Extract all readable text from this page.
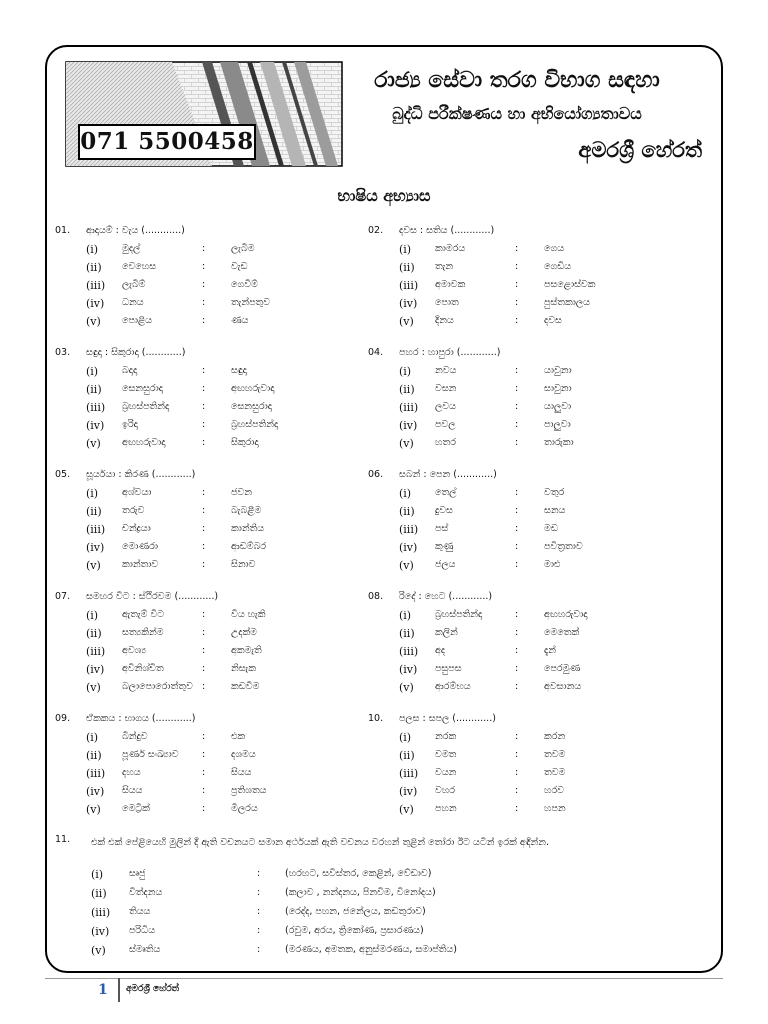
071 5500458
රාජ්‍ය සේවා තරග විභාග සඳහා
බුද්ධි පරීක්ෂණය හා අභියෝග්‍යතාවය
අමරශ්‍රී හේරත්
භාෂිය අභ්‍යාස
01. ආදායම් : වැය (............)
(i)	මුදල්	:	ලැබීම
(ii) වෙහෙස	:	වැඩ
(iii) ලැබීම්	:	ගෙවීම්
(iv) ධනය	:	තැන්පතුව
(v) පොළිය	:	ණය
02. දවස : සතිය (............)
(i)	කාමරය	:	ගෙය
(ii) තැන	:	ගෙඩිය
(iii) අමාවක	:	පසළොස්වක
(iv) පොත	:	පුස්තකාලය
(v) දිනය	:	දවස
03. සඳුදා : සිකුරාදා (............)
(i)	බදාදා	:	සඳුදා
(ii) සෙනසුරාදා	:	අඟහරුවාදා
(iii) බ්‍රහස්පතින්දා	:	සෙනසුරාදා
(iv) ඉරිදා	:	බ්‍රහස්පතින්දා
(v) අඟහරුවාදා	:	සිකුරාදා
04. පහර : හාපුරා (............)
(i)	නවය	:	යාවුනා
(ii) වසන	:	සාවුනා
(iii) ලවය	:	යාලුවා
(iv) පවල	:	පාලුවා
(v) හතර	:	තාරුකා
05. සූර්යයා : කිරණ (............)
(i)	අශ්වයා	:	ජවන
(ii) තරුව	:	බැබළීම
(iii) චන්ද්‍රයා	:	කාන්තිය
(iv) මොණරා	:	ආඩම්බර
(v) කාන්තාව	:	සිනාව
06. සබන් : පෙන (............)
(i)	තෙල්	:	වතුර
(ii) දුවස	:	සනය
(iii) පස්	:	මඩ
(iv) කුණු	:	පවිත්‍රතාව
(v) ජලය	:	මාළු
07. සමහර විට : ස්ථිරවම (............)
(i)	ඇතැම් විට	:	විය හැකි
(ii) සත්‍යකින්ම	:	උදක්ම
(iii) අවශ්‍ය	:	අකමැති
(iv) අවිනිශ්චිත	:	නිසැක
(v) බලාපොරොත්තුව :	කඩවීම
08. රිදේ : හෙට (............)
(i)	බ්‍රහස්පතින්දා	:	අඟහරුවාදා
(ii) කලින්	:	මෙතෙක්
(iii) අද	:	දැන්
(iv) පසුපස	:	පෙරමුණ
(v) ආරම්භය	:	අවසානය
09. ඒකකය : භාගය (............)
(i)	බින්දුව	:	එක
(ii) පූර්ණ සංඛ්‍යාව :	දශමය
(iii) දහය	:	සියය
(iv) සියය	:	ප්‍රතිශතය
(v) මෙට්‍රික්	:	මිලරය
10. පලස : සපල (............)
(i)	නරක	:	කරන
(ii) වමත	:	තවම
(iii) වයන	:	තවම
(iv) වහර	:	හරව
(v) පහන	:	හපන
11. එක් එක් පේළියෙහි මුලින් දී ඇති වචනයට සමාන අර්ථයක් ඇති වචනය වරහන් තුළින් තෝරා ඊට යටින් ඉරක් අඳින්න.
(i)	සෘජු	:	(හරහට, සවිස්තර, කෙළින්, වේඩාව)
(ii) විත්දනය	:	(කලාව , නන්දනය, පිනවීම, විනෝදය)
(iii) තියය	:	(රෙද්ද, පහන, ජනේලය, කඩතුරාව)
(iv) පරිධිය	:	(රවුම, අරය, ත්‍රිකෝණ, ප්‍රසාරණය)
(v) ස්මෘතිය	:	(මරණය, අමතක, අනුස්මරණය, සමාප්තිය)
1 අමරශ්‍රී හේරත්
